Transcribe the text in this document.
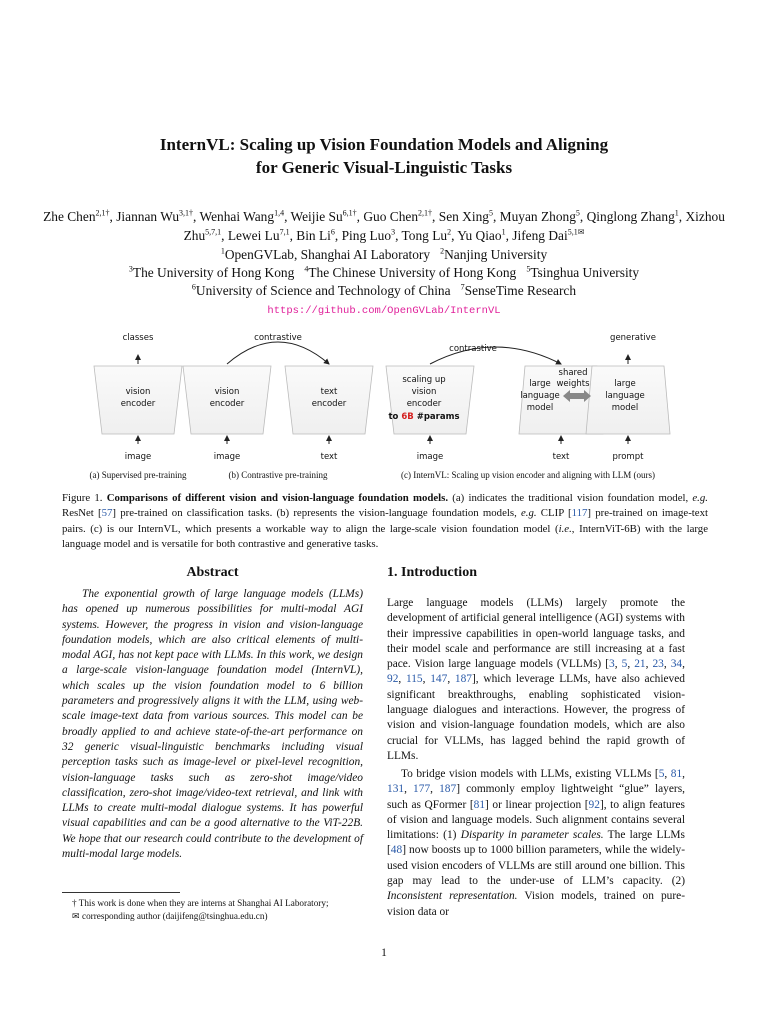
InternVL: Scaling up Vision Foundation Models and Aligning
for Generic Visual-Linguistic Tasks
Zhe Chen$^{2,1\dagger}$, Jiannan $Wu^{3,1\dagger}$, Wenhai Wang$^{1,4}$, Weijie $Su^{6,1\dagger}$, Guo Chen$^{2,1\dagger}$, Sen Xing$^5$, Muyan Zhong$^5$, Qinglong Zhang$^1$, Xizhou Zhu$^{5,7,1}$, Lewei Lu$^{7,1}$, Bin Li$^6$, Ping Luo$^3$, Tong Lu$^2$, Yu Qiao$^1$, Jifeng Dai$^{5,1✉}$
$^1$OpenGVLab, Shanghai AI Laboratory $^2$Nanjing University
$^3$The University of Hong Kong $^4$The Chinese University of Hong Kong $^5$Tsinghua University
$^6$University of Science and Technology of China $^7$SenseTime Research
https://github.com/OpenGVLab/InternVL
classes
vision
encoder
image
contrastive
vision
encoder
text
encoder
image	text
contrastive
generative
scaling up
vision
encoder
to 6B #params
large
language
model
shared
weights	large
language
model
image	text	prompt
(a) Supervised pre-training	(b) Contrastive pre-training	(c) InternVL: Scaling up vision encoder and aligning with LLM (ours)
Figure 1. Comparisons of different vision and vision-language foundation models. (a) indicates the traditional vision foundation model, e.g. ResNet [57] pre-trained on classification tasks. (b) represents the vision-language foundation models, e.g. CLIP [117] pre-trained on image-text pairs. (c) is our InternVL, which presents a workable way to align the large-scale vision foundation model (i.e., InternViT-6B) with the large language model and is versatile for both contrastive and generative tasks.
Abstract
The exponential growth of large language models (LLMs) has opened up numerous possibilities for multi-modal AGI systems. However, the progress in vision and vision-language foundation models, which are also critical elements of multi-modal AGI, has not kept pace with LLMs. In this work, we design a large-scale vision-language foundation model (InternVL), which scales up the vision foundation model to 6 billion parameters and progressively aligns it with the LLM, using web-scale image-text data from various sources. This model can be broadly applied to and achieve state-of-the-art performance on 32 generic visual-linguistic benchmarks including visual perception tasks such as image-level or pixel-level recognition, vision-language tasks such as zero-shot image/video classification, zero-shot image/video-text retrieval, and link with LLMs to create multi-modal dialogue systems. It has powerful visual capabilities and can be a good alternative to the ViT-22B. We hope that our research could contribute to the development of multi-modal large models.
† This work is done when they are interns at Shanghai AI Laboratory;
✉ corresponding author (daijifeng@tsinghua.edu.cn)
1. Introduction
Large language models (LLMs) largely promote the development of artificial general intelligence (AGI) systems with their impressive capabilities in open-world language tasks, and their model scale and performance are still increasing at a fast pace. Vision large language models (VLLMs) [3, 5, 21, 23, 34, 92, 115, 147, 187], which leverage LLMs, have also achieved significant breakthroughs, enabling sophisticated vision-language dialogues and interactions. However, the progress of vision and vision-language foundation models, which are also crucial for VLLMs, has lagged behind the rapid growth of LLMs.
To bridge vision models with LLMs, existing VLLMs [5, 81, 131, 177, 187] commonly employ lightweight “glue” layers, such as QFormer [81] or linear projection [92], to align features of vision and language models. Such alignment contains several limitations: (1) Disparity in parameter scales. The large LLMs [48] now boosts up to 1000 billion parameters, while the widely-used vision encoders of VLLMs are still around one billion. This gap may lead to the under-use of LLM’s capacity. (2) Inconsistent representation. Vision models, trained on pure-vision data or
1
